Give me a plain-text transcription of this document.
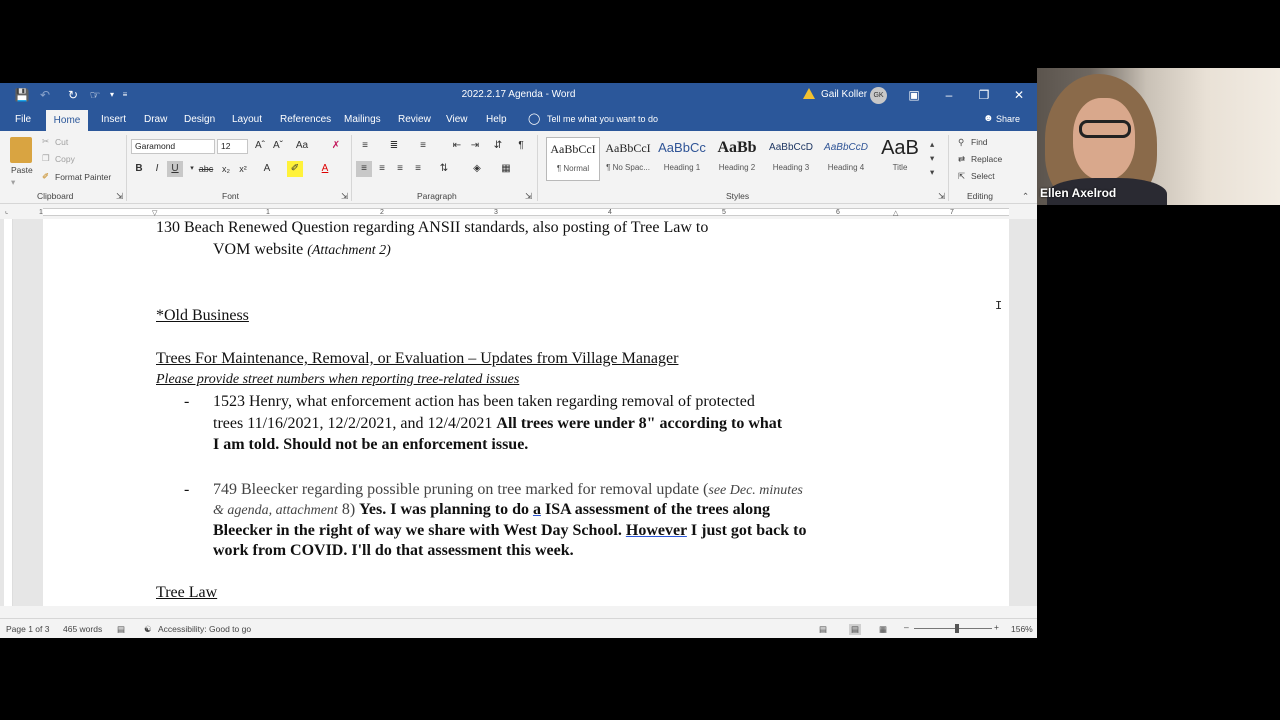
💾 ↶ ↻ ☞	▾	≡	2022.2.17 Agenda - Word	Gail Koller GK	▣	–	❐	✕
File	Home	Insert Draw Design Layout References Mailings Review View Help ◯ Tell me what you want to do	☻ Share
Paste
▾
✂ Cut
❐ Copy
✐ Format Painter
Clipboard	⇲
Garamond	12	Aˆ Aˇ	Aa	✗
B	I	U	▾ abc x₂	x²	A	✐	A
Font	⇲
≡	≣	≡	⇤ ⇥	⇵	¶
≡	≡	≡	≡	⇅	◈	▦
Paragraph	⇲
AaBbCcI
¶ Normal
AaBbCcI
¶ No Spac...
AaBbCc
Heading 1
AaBb
Heading 2
AaBbCcD
Heading 3
AaBbCcD
Heading 4
AaB
Title
▴
▾
▾
Styles	⇲
⚲ Find
⇄ Replace
⇱ Select
Editing	⌃
⌞	1	▽	1	2	3	4	5	6	△	7
130 Beach Renewed Question regarding ANSII standards, also posting of Tree Law to
VOM website (Attachment 2)
*Old Business
Trees For Maintenance, Removal, or Evaluation – Updates from Village Manager
Please provide street numbers when reporting tree-related issues
- 1523 Henry, what enforcement action has been taken regarding removal of protected
trees 11/16/2021, 12/2/2021, and 12/4/2021 All trees were under 8" according to what
I am told. Should not be an enforcement issue.
- 749 Bleecker regarding possible pruning on tree marked for removal update (see Dec. minutes
& agenda, attachment 8) Yes. I was planning to do a ISA assessment of the trees along
Bleecker in the right of way we share with West Day School. However I just got back to
work from COVID. I'll do that assessment this week.
Tree Law
I
Page 1 of 3 465 words ▤ ☯ Accessibility: Good to go	▤	▤ ▦ –	+ 156%
Ellen Axelrod
